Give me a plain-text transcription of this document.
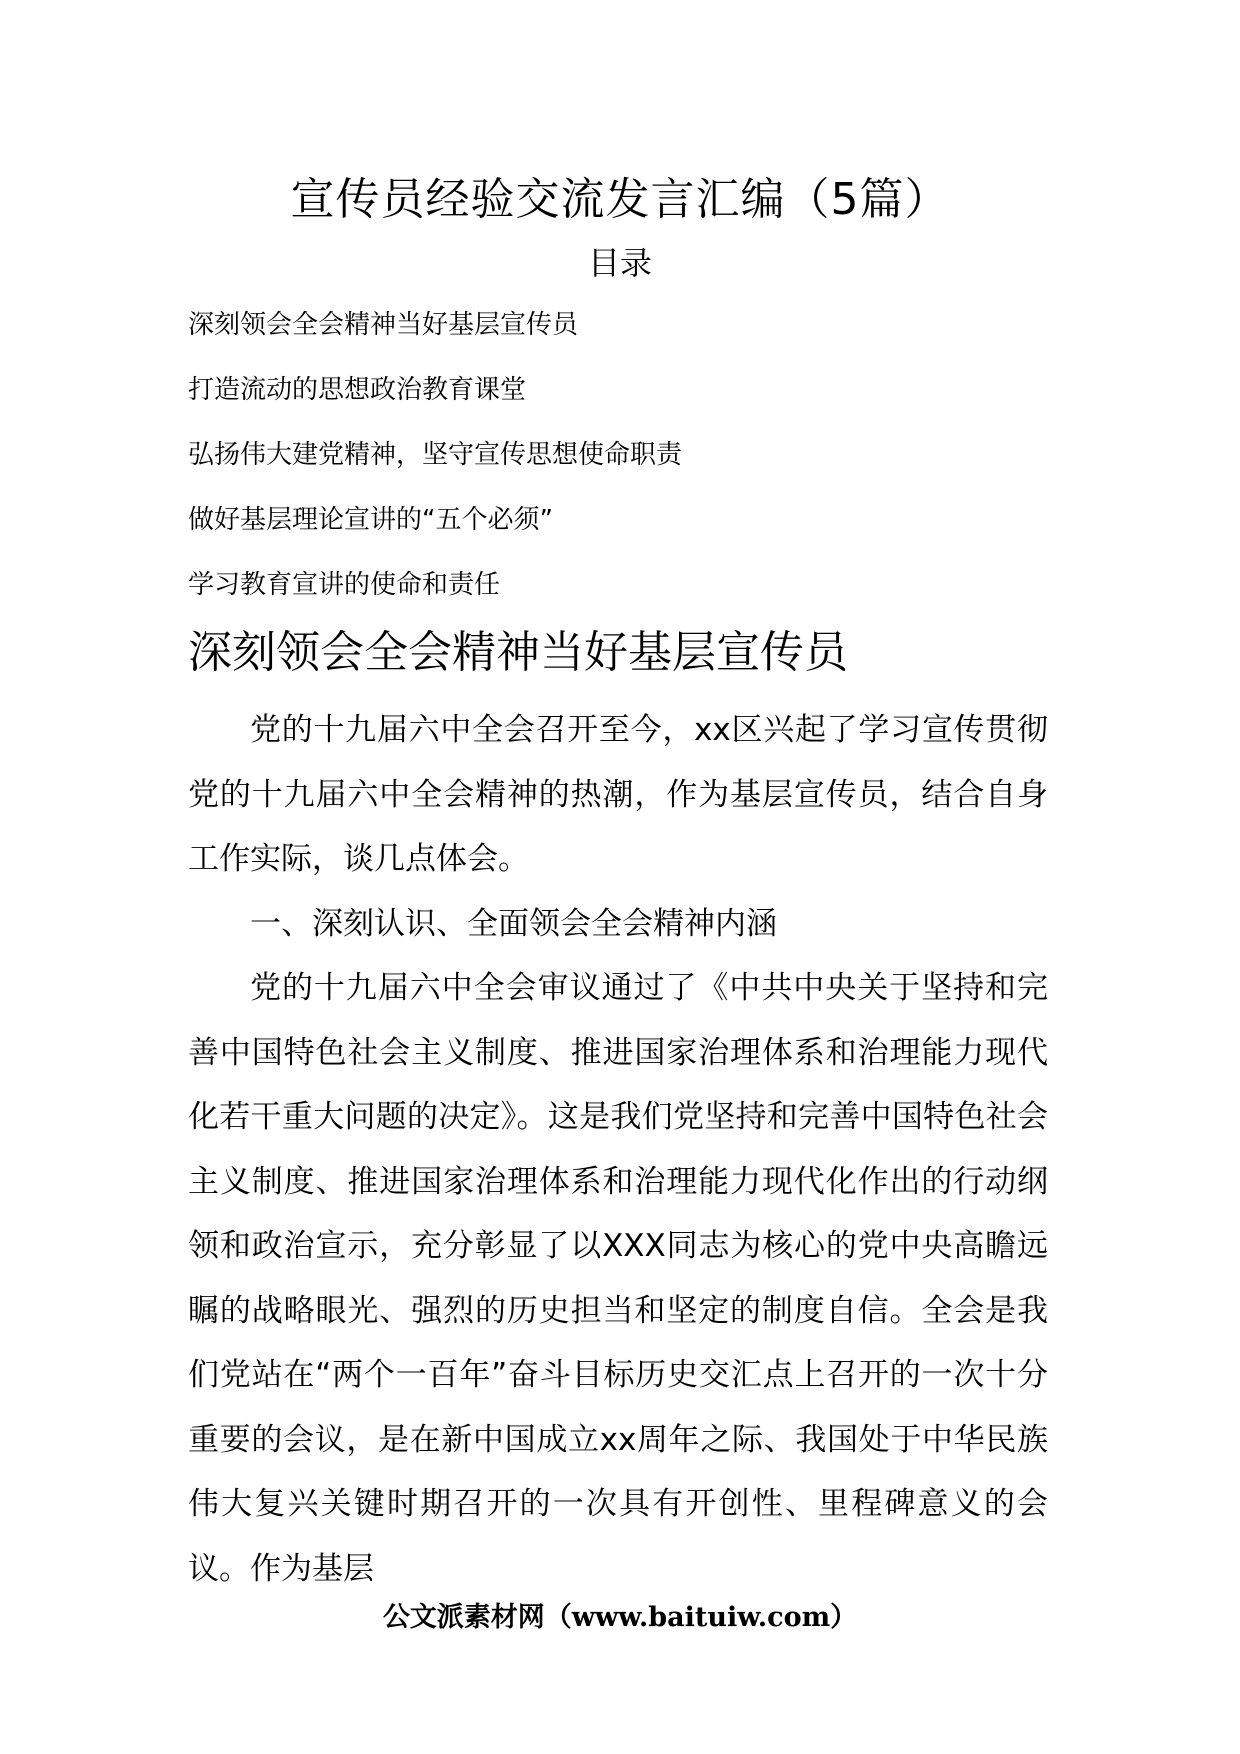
宣传员经验交流发言汇编（5篇）
目录
深刻领会全会精神当好基层宣传员
打造流动的思想政治教育课堂
弘扬伟大建党精神，坚守宣传思想使命职责
做好基层理论宣讲的“五个必须”
学习教育宣讲的使命和责任
深刻领会全会精神当好基层宣传员

党的十九届六中全会召开至今，xx区兴起了学习宣传贯彻党的十九届六中全会精神的热潮，作为基层宣传员，结合自身工作实际，谈几点体会。

一、深刻认识、全面领会全会精神内涵

党的十九届六中全会审议通过了《中共中央关于坚持和完善中国特色社会主义制度、推进国家治理体系和治理能力现代化若干重大问题的决定》。这是我们党坚持和完善中国特色社会主义制度、推进国家治理体系和治理能力现代化作出的行动纲领和政治宣示，充分彰显了以XXX同志为核心的党中央高瞻远瞩的战略眼光、强烈的历史担当和坚定的制度自信。全会是我们党站在“两个一百年”奋斗目标历史交汇点上召开的一次十分重要的会议，是在新中国成立xx周年之际、我国处于中华民族伟大复兴关键时期召开的一次具有开创性、里程碑意义的会议。作为基层

公文派素材网（www.baituiw.com）
